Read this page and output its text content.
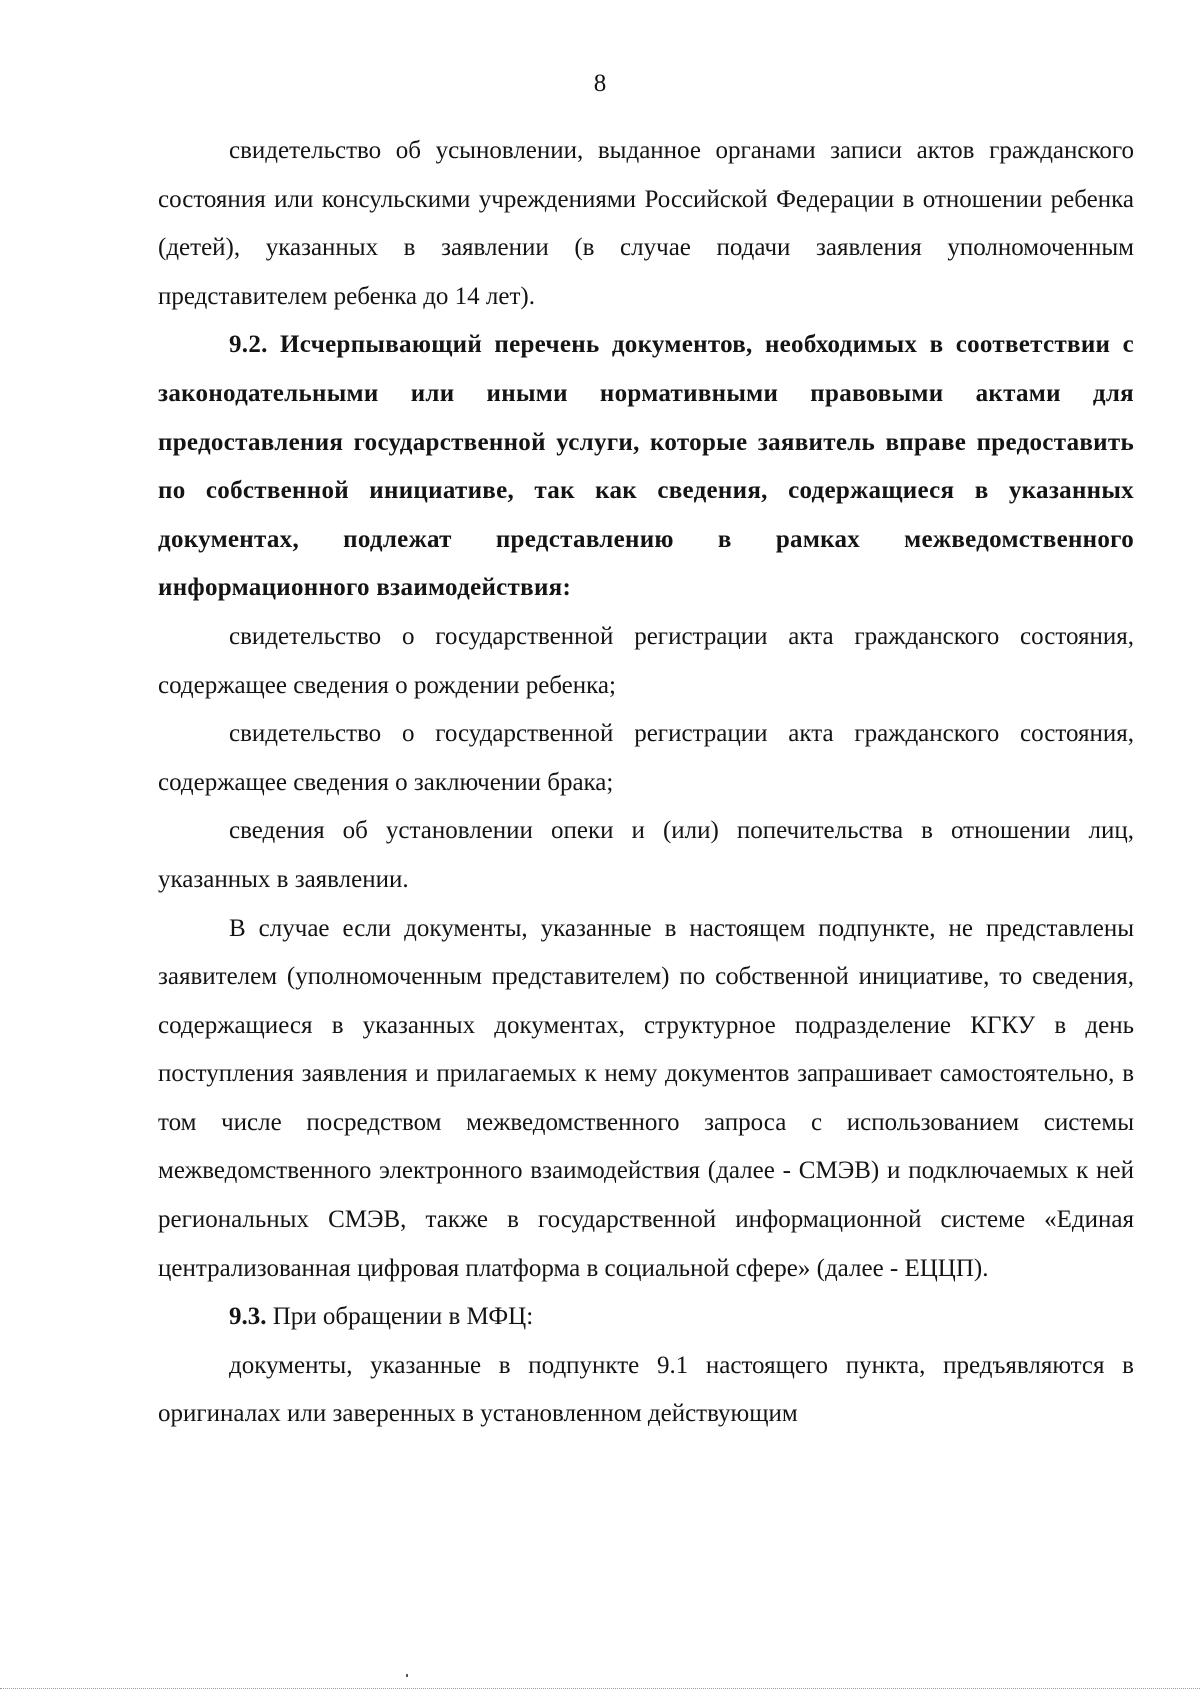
8

свидетельство об усыновлении, выданное органами записи актов гражданского состояния или консульскими учреждениями Российской Федерации в отношении ребенка (детей), указанных в заявлении (в случае подачи заявления уполномоченным представителем ребенка до 14 лет).

9.2. Исчерпывающий перечень документов, необходимых в соответствии с законодательными или иными нормативными правовыми актами для предоставления государственной услуги, которые заявитель вправе предоставить по собственной инициативе, так как сведения, содержащиеся в указанных документах, подлежат представлению в рамках межведомственного информационного взаимодействия:

свидетельство о государственной регистрации акта гражданского состояния, содержащее сведения о рождении ребенка;

свидетельство о государственной регистрации акта гражданского состояния, содержащее сведения о заключении брака;

сведения об установлении опеки и (или) попечительства в отношении лиц, указанных в заявлении.

В случае если документы, указанные в настоящем подпункте, не представлены заявителем (уполномоченным представителем) по собственной инициативе, то сведения, содержащиеся в указанных документах, структурное подразделение КГКУ в день поступления заявления и прилагаемых к нему документов запрашивает самостоятельно, в том числе посредством межведомственного запроса с использованием системы межведомственного электронного взаимодействия (далее - СМЭВ) и подключаемых к ней региональных СМЭВ, также в государственной информационной системе «Единая централизованная цифровая платформа в социальной сфере» (далее - ЕЦЦП).

9.3. При обращении в МФЦ:

документы, указанные в подпункте 9.1 настоящего пункта, предъявляются в оригиналах или заверенных в установленном действующим
